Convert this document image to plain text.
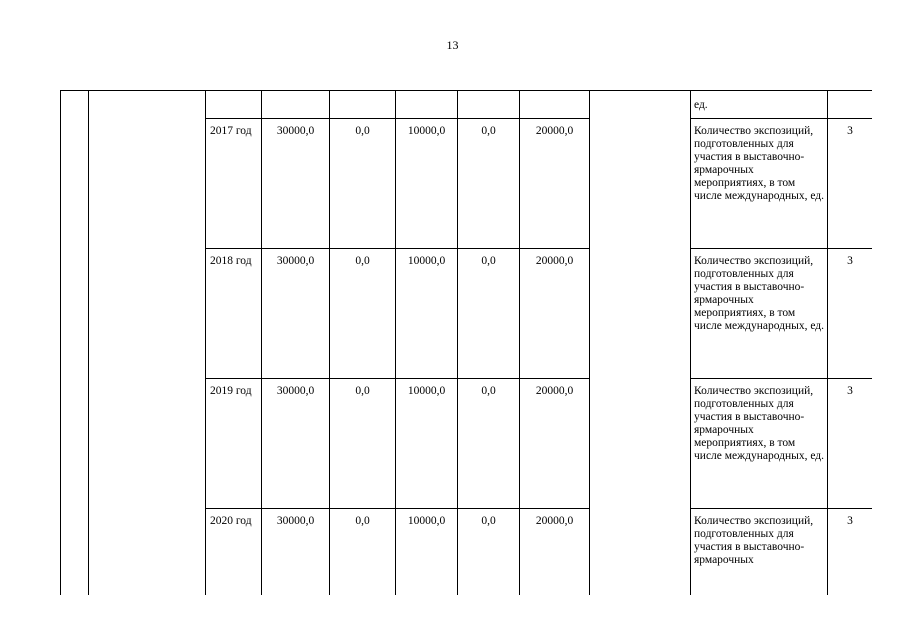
13
									ед.	
		2017 год	30000,0	0,0	10000,0	0,0	20000,0		Количество экспозиций, подготовленных для участия в выставочно-ярмарочных мероприятиях, в том числе международных, ед.	3
		2018 год	30000,0	0,0	10000,0	0,0	20000,0		Количество экспозиций, подготовленных для участия в выставочно-ярмарочных мероприятиях, в том числе международных, ед.	3
		2019 год	30000,0	0,0	10000,0	0,0	20000,0		Количество экспозиций, подготовленных для участия в выставочно-ярмарочных мероприятиях, в том числе международных, ед.	3
		2020 год	30000,0	0,0	10000,0	0,0	20000,0		Количество экспозиций, подготовленных для участия в выставочно-ярмарочных	3
